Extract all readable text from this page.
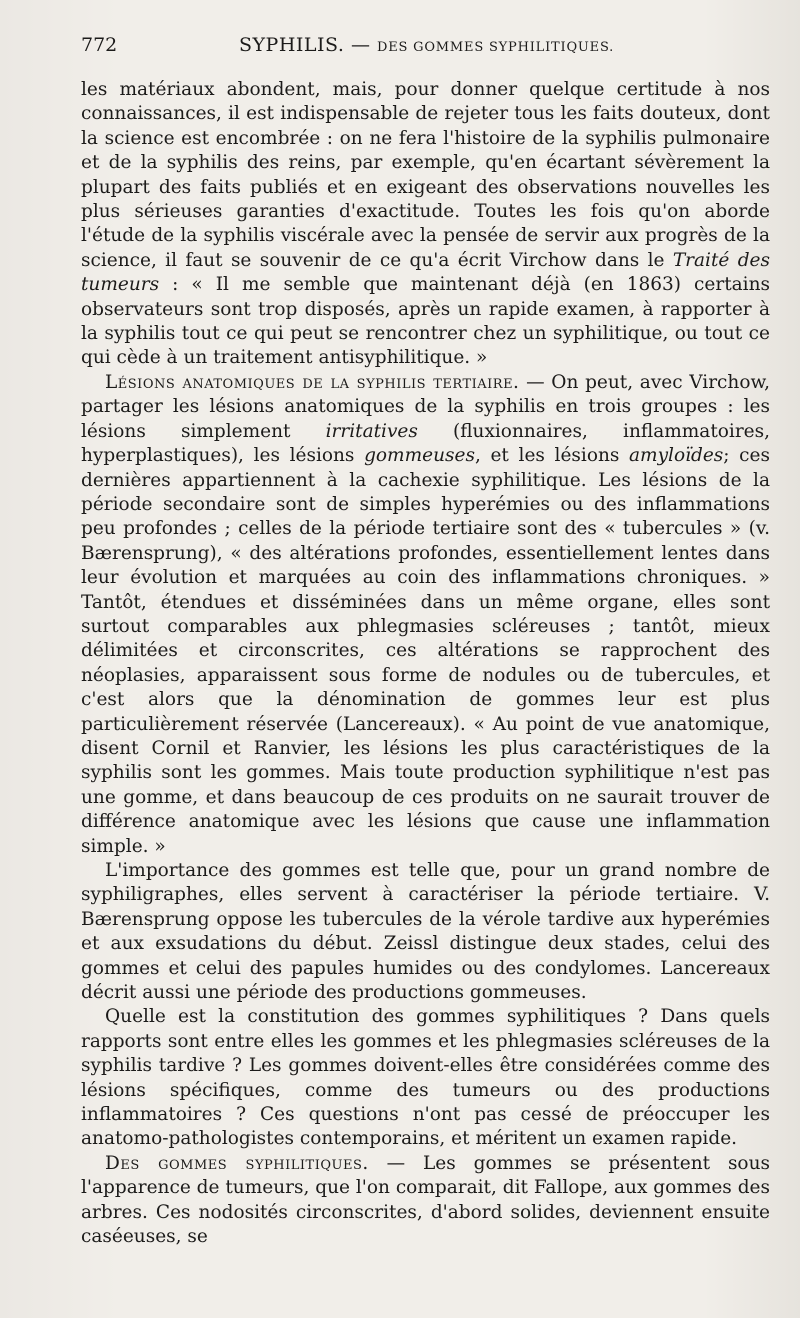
772	SYPHILIS. — DES GOMMES SYPHILITIQUES.

les matériaux abondent, mais, pour donner quelque certitude à nos connaissances, il est indispensable de rejeter tous les faits douteux, dont la science est encombrée : on ne fera l'histoire de la syphilis pulmonaire et de la syphilis des reins, par exemple, qu'en écartant sévèrement la plupart des faits publiés et en exigeant des observations nouvelles les plus sérieuses garanties d'exactitude. Toutes les fois qu'on aborde l'étude de la syphilis viscérale avec la pensée de servir aux progrès de la science, il faut se souvenir de ce qu'a écrit Virchow dans le Traité des tumeurs : « Il me semble que maintenant déjà (en 1863) certains observateurs sont trop disposés, après un rapide examen, à rapporter à la syphilis tout ce qui peut se rencontrer chez un syphilitique, ou tout ce qui cède à un traitement antisyphilitique. »

Lésions anatomiques de la syphilis tertiaire. — On peut, avec Virchow, partager les lésions anatomiques de la syphilis en trois groupes : les lésions simplement irritatives (fluxionnaires, inflammatoires, hyperplastiques), les lésions gommeuses, et les lésions amyloïdes; ces dernières appartiennent à la cachexie syphilitique. Les lésions de la période secondaire sont de simples hyperémies ou des inflammations peu profondes ; celles de la période tertiaire sont des « tubercules » (v. Bærensprung), « des altérations profondes, essentiellement lentes dans leur évolution et marquées au coin des inflammations chroniques. » Tantôt, étendues et disséminées dans un même organe, elles sont surtout comparables aux phlegmasies scléreuses ; tantôt, mieux délimitées et circonscrites, ces altérations se rapprochent des néoplasies, apparaissent sous forme de nodules ou de tubercules, et c'est alors que la dénomination de gommes leur est plus particulièrement réservée (Lancereaux). « Au point de vue anatomique, disent Cornil et Ranvier, les lésions les plus caractéristiques de la syphilis sont les gommes. Mais toute production syphilitique n'est pas une gomme, et dans beaucoup de ces produits on ne saurait trouver de différence anatomique avec les lésions que cause une inflammation simple. »

L'importance des gommes est telle que, pour un grand nombre de syphiligraphes, elles servent à caractériser la période tertiaire. V. Bærensprung oppose les tubercules de la vérole tardive aux hyperémies et aux exsudations du début. Zeissl distingue deux stades, celui des gommes et celui des papules humides ou des condylomes. Lancereaux décrit aussi une période des productions gommeuses.

Quelle est la constitution des gommes syphilitiques ? Dans quels rapports sont entre elles les gommes et les phlegmasies scléreuses de la syphilis tardive ? Les gommes doivent-elles être considérées comme des lésions spécifiques, comme des tumeurs ou des productions inflammatoires ? Ces questions n'ont pas cessé de préoccuper les anatomo-pathologistes contemporains, et méritent un examen rapide.

Des gommes syphilitiques. — Les gommes se présentent sous l'apparence de tumeurs, que l'on comparait, dit Fallope, aux gommes des arbres. Ces nodosités circonscrites, d'abord solides, deviennent ensuite caséeuses, se
